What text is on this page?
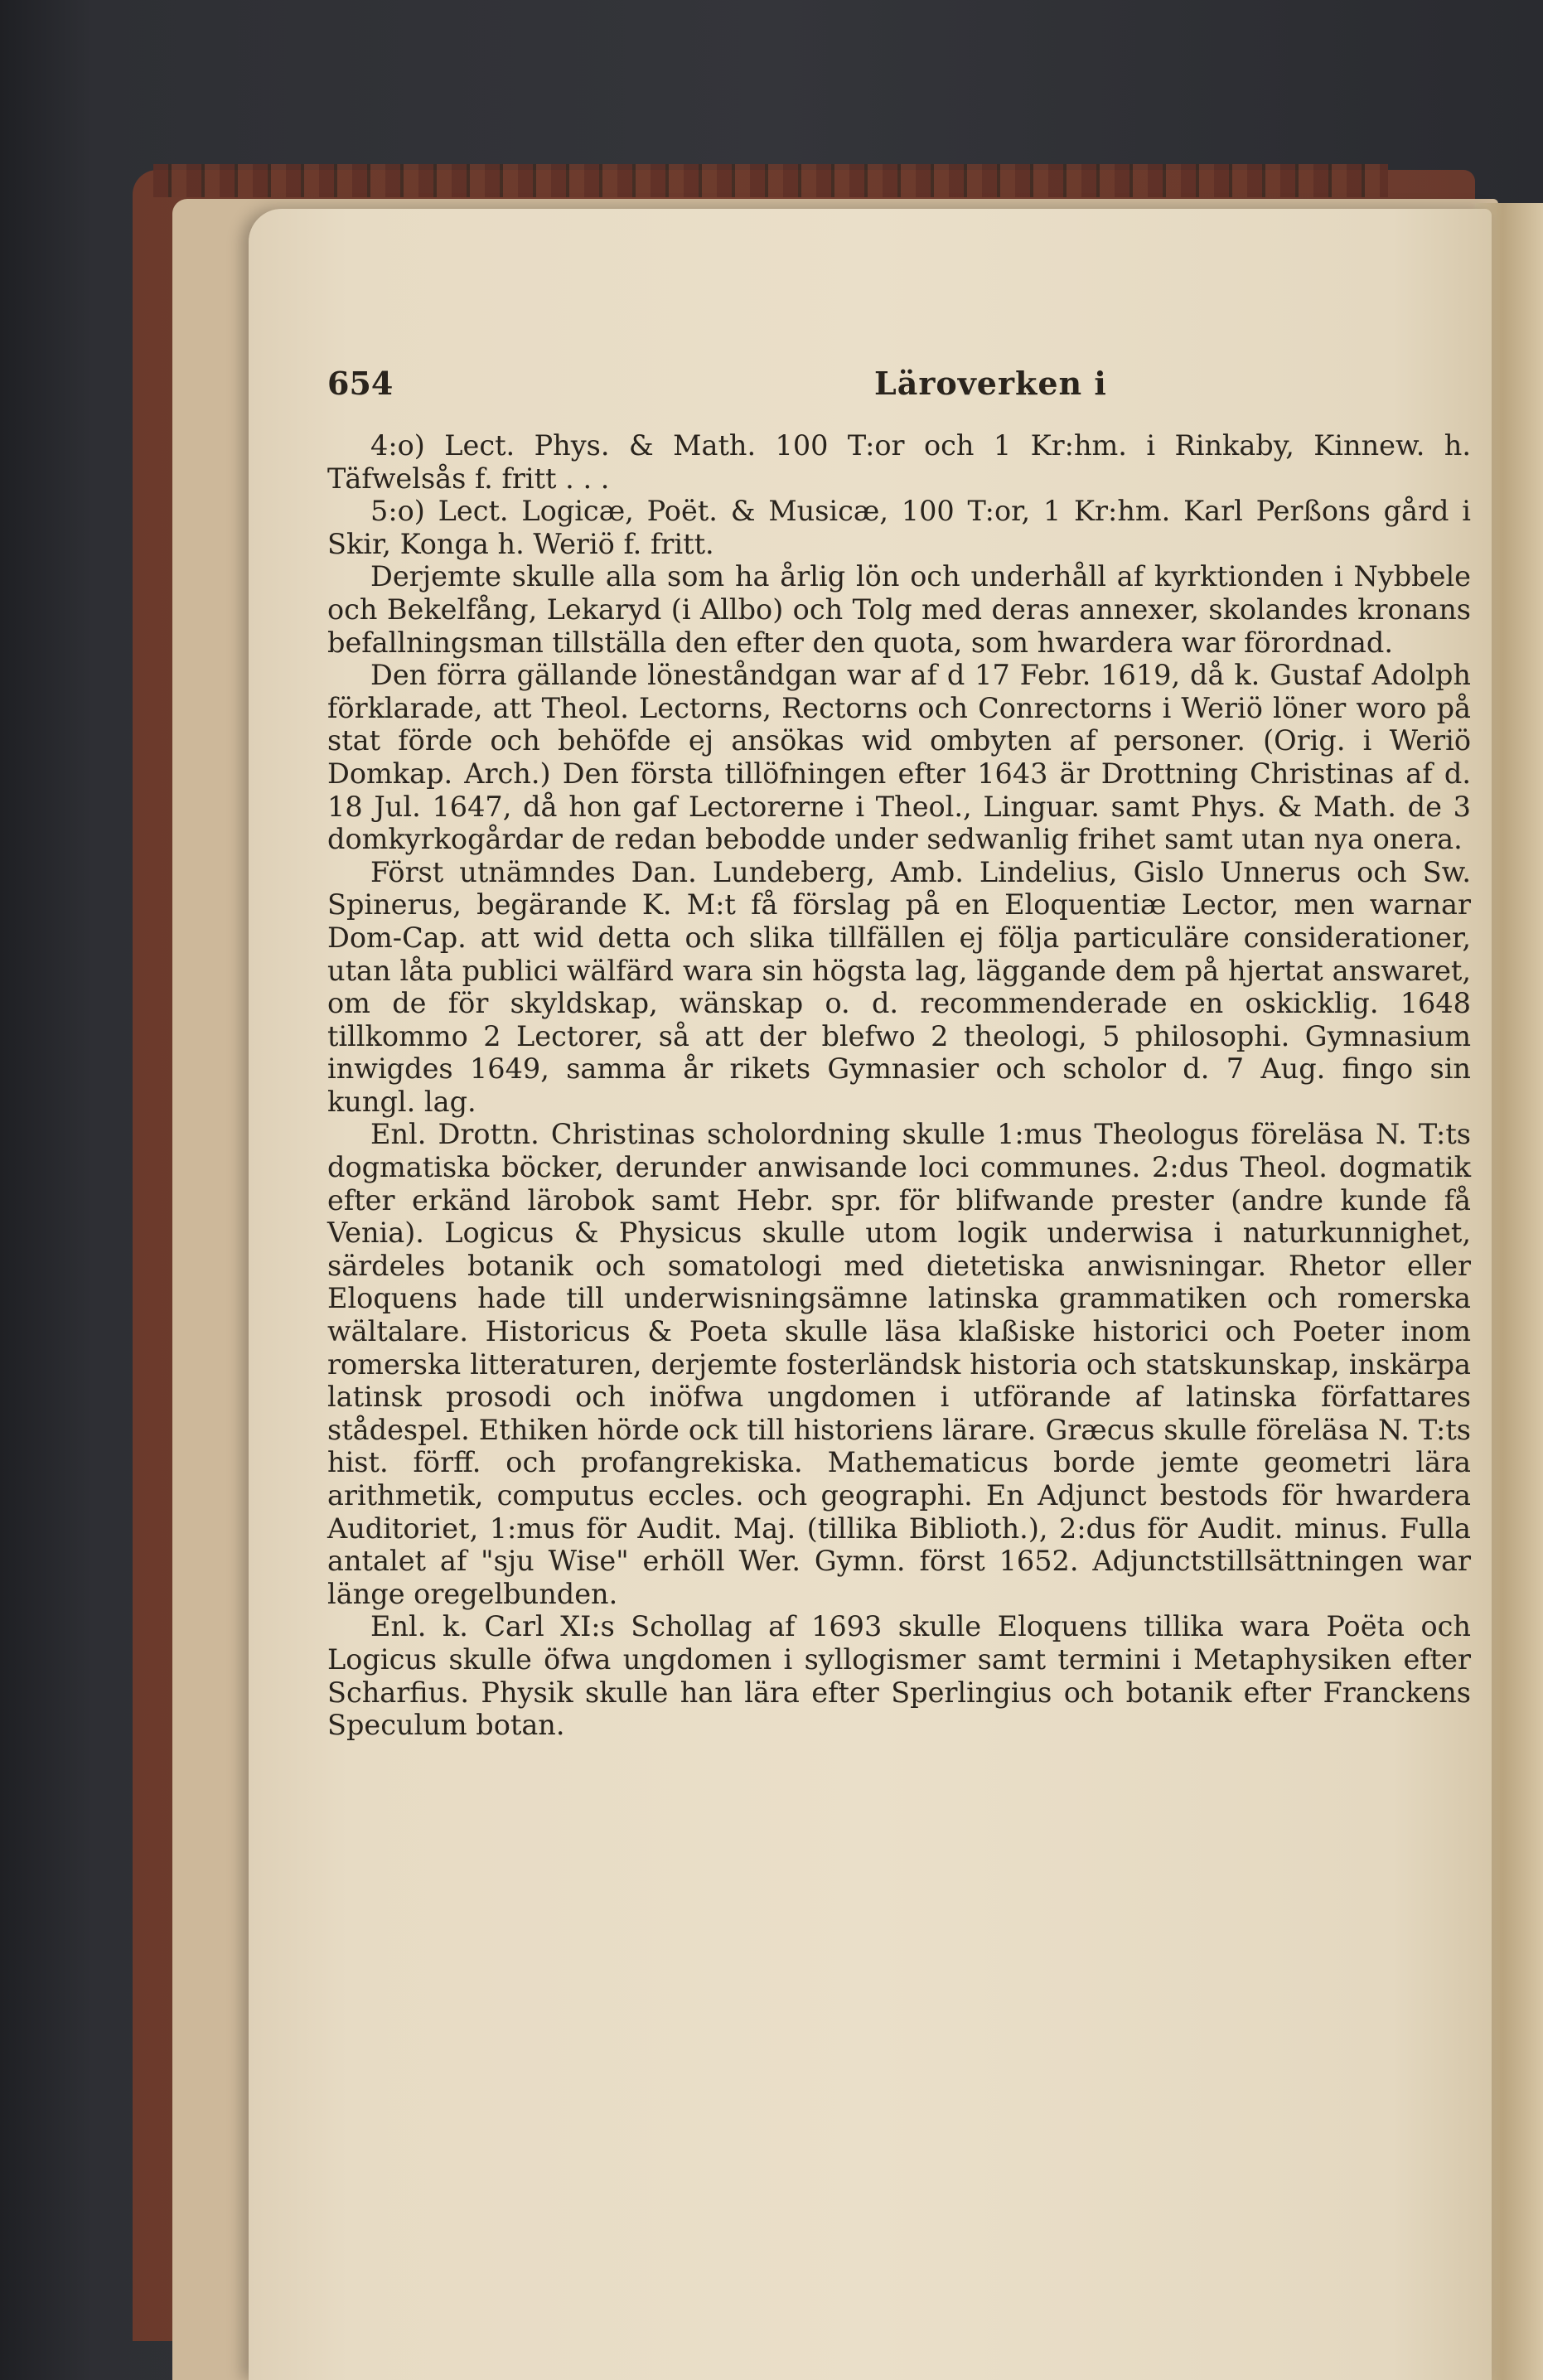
654	Läroverken i

4:o) Lect. Phys. & Math. 100 T:or och 1 Kr:hm. i Rinkaby, Kinnew. h. Täfwelsås f. fritt . . .

5:o) Lect. Logicæ, Poët. & Musicæ, 100 T:or, 1 Kr:hm. Karl Perßons gård i Skir, Konga h. Weriö f. fritt.

Derjemte skulle alla som ha årlig lön och underhåll af kyrktionden i Nybbele och Bekelfång, Lekaryd (i Allbo) och Tolg med deras annexer, skolandes kronans befallningsman tillställa den efter den quota, som hwardera war förordnad.

Den förra gällande löneståndgan war af d 17 Febr. 1619, då k. Gustaf Adolph förklarade, att Theol. Lectorns, Rectorns och Conrectorns i Weriö löner woro på stat förde och behöfde ej ansökas wid ombyten af personer. (Orig. i Weriö Domkap. Arch.) Den första tillöfningen efter 1643 är Drottning Christinas af d. 18 Jul. 1647, då hon gaf Lectorerne i Theol., Linguar. samt Phys. & Math. de 3 domkyrkogårdar de redan bebodde under sedwanlig frihet samt utan nya onera.

Först utnämndes Dan. Lundeberg, Amb. Lindelius, Gislo Unnerus och Sw. Spinerus, begärande K. M:t få förslag på en Eloquentiæ Lector, men warnar Dom-Cap. att wid detta och slika tillfällen ej följa particuläre considerationer, utan låta publici wälfärd wara sin högsta lag, läggande dem på hjertat answaret, om de för skyldskap, wänskap o. d. recommenderade en oskicklig. 1648 tillkommo 2 Lectorer, så att der blefwo 2 theologi, 5 philosophi. Gymnasium inwigdes 1649, samma år rikets Gymnasier och scholor d. 7 Aug. fingo sin kungl. lag.

Enl. Drottn. Christinas scholordning skulle 1:mus Theologus föreläsa N. T:ts dogmatiska böcker, derunder anwisande loci communes. 2:dus Theol. dogmatik efter erkänd lärobok samt Hebr. spr. för blifwande prester (andre kunde få Venia). Logicus & Physicus skulle utom logik underwisa i naturkunnighet, särdeles botanik och somatologi med dietetiska anwisningar. Rhetor eller Eloquens hade till underwisningsämne latinska grammatiken och romerska wältalare. Historicus & Poeta skulle läsa klaßiske historici och Poeter inom romerska litteraturen, derjemte fosterländsk historia och statskunskap, inskärpa latinsk prosodi och inöfwa ungdomen i utförande af latinska författares stådespel. Ethiken hörde ock till historiens lärare. Græcus skulle föreläsa N. T:ts hist. förff. och profangrekiska. Mathematicus borde jemte geometri lära arithmetik, computus eccles. och geographi. En Adjunct bestods för hwardera Auditoriet, 1:mus för Audit. Maj. (tillika Biblioth.), 2:dus för Audit. minus. Fulla antalet af "sju Wise" erhöll Wer. Gymn. först 1652. Adjunctstillsättningen war länge oregelbunden.

Enl. k. Carl XI:s Schollag af 1693 skulle Eloquens tillika wara Poëta och Logicus skulle öfwa ungdomen i syllogismer samt termini i Metaphysiken efter Scharfius. Physik skulle han lära efter Sperlingius och botanik efter Franckens Speculum botan.
